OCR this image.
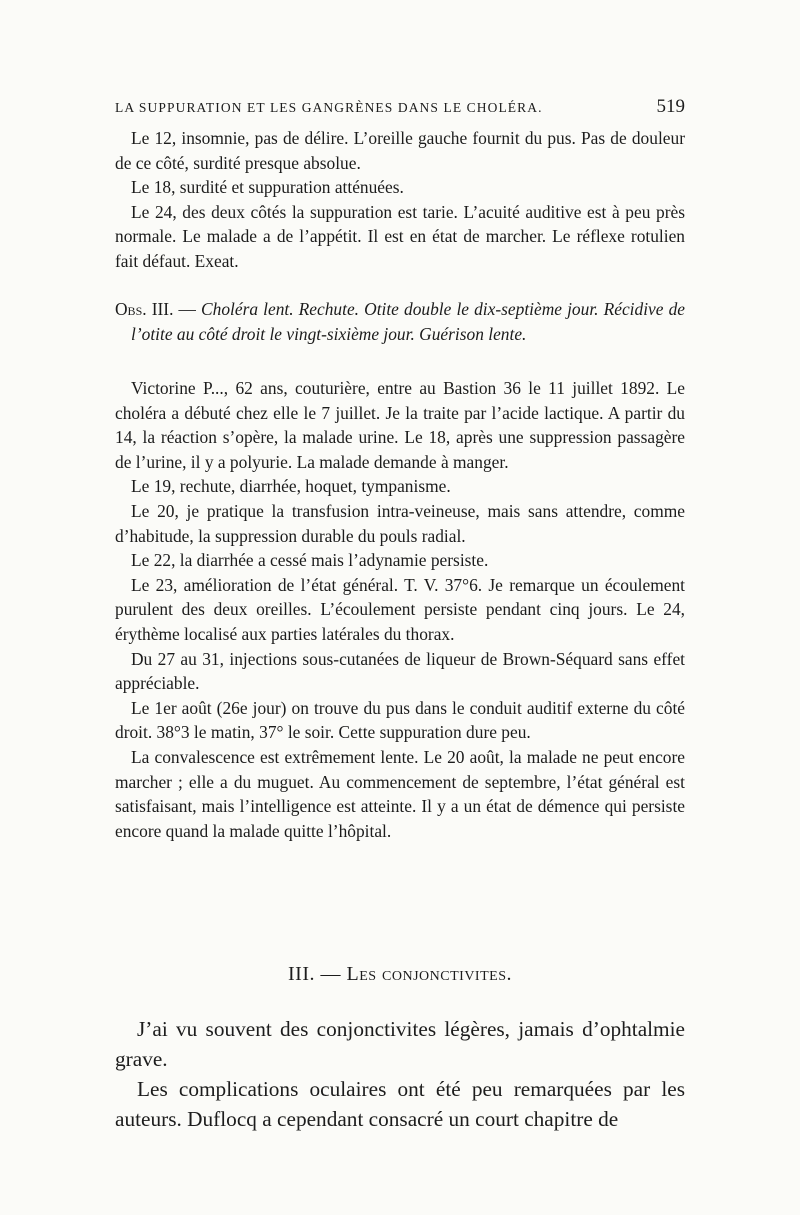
LA SUPPURATION ET LES GANGRÈNES DANS LE CHOLÉRA.	519

Le 12, insomnie, pas de délire. L’oreille gauche fournit du pus. Pas de douleur de ce côté, surdité presque absolue.

Le 18, surdité et suppuration atténuées.

Le 24, des deux côtés la suppuration est tarie. L’acuité auditive est à peu près normale. Le malade a de l’appétit. Il est en état de marcher. Le réflexe rotulien fait défaut. Exeat.

Obs. III. — Choléra lent. Rechute. Otite double le dix-septième jour. Récidive de l’otite au côté droit le vingt-sixième jour. Guérison lente.

Victorine P..., 62 ans, couturière, entre au Bastion 36 le 11 juillet 1892. Le choléra a débuté chez elle le 7 juillet. Je la traite par l’acide lactique. A partir du 14, la réaction s’opère, la malade urine. Le 18, après une suppression passagère de l’urine, il y a polyurie. La malade demande à manger.

Le 19, rechute, diarrhée, hoquet, tympanisme.

Le 20, je pratique la transfusion intra-veineuse, mais sans attendre, comme d’habitude, la suppression durable du pouls radial.

Le 22, la diarrhée a cessé mais l’adynamie persiste.

Le 23, amélioration de l’état général. T. V. 37°6. Je remarque un écoulement purulent des deux oreilles. L’écoulement persiste pendant cinq jours. Le 24, érythème localisé aux parties latérales du thorax.

Du 27 au 31, injections sous-cutanées de liqueur de Brown-Séquard sans effet appréciable.

Le 1er août (26e jour) on trouve du pus dans le conduit auditif externe du côté droit. 38°3 le matin, 37° le soir. Cette suppuration dure peu.

La convalescence est extrêmement lente. Le 20 août, la malade ne peut encore marcher ; elle a du muguet. Au commencement de septembre, l’état général est satisfaisant, mais l’intelligence est atteinte. Il y a un état de démence qui persiste encore quand la malade quitte l’hôpital.

III. — Les conjonctivites.

J’ai vu souvent des conjonctivites légères, jamais d’ophtalmie grave.

Les complications oculaires ont été peu remarquées par les auteurs. Duflocq a cependant consacré un court chapitre de
